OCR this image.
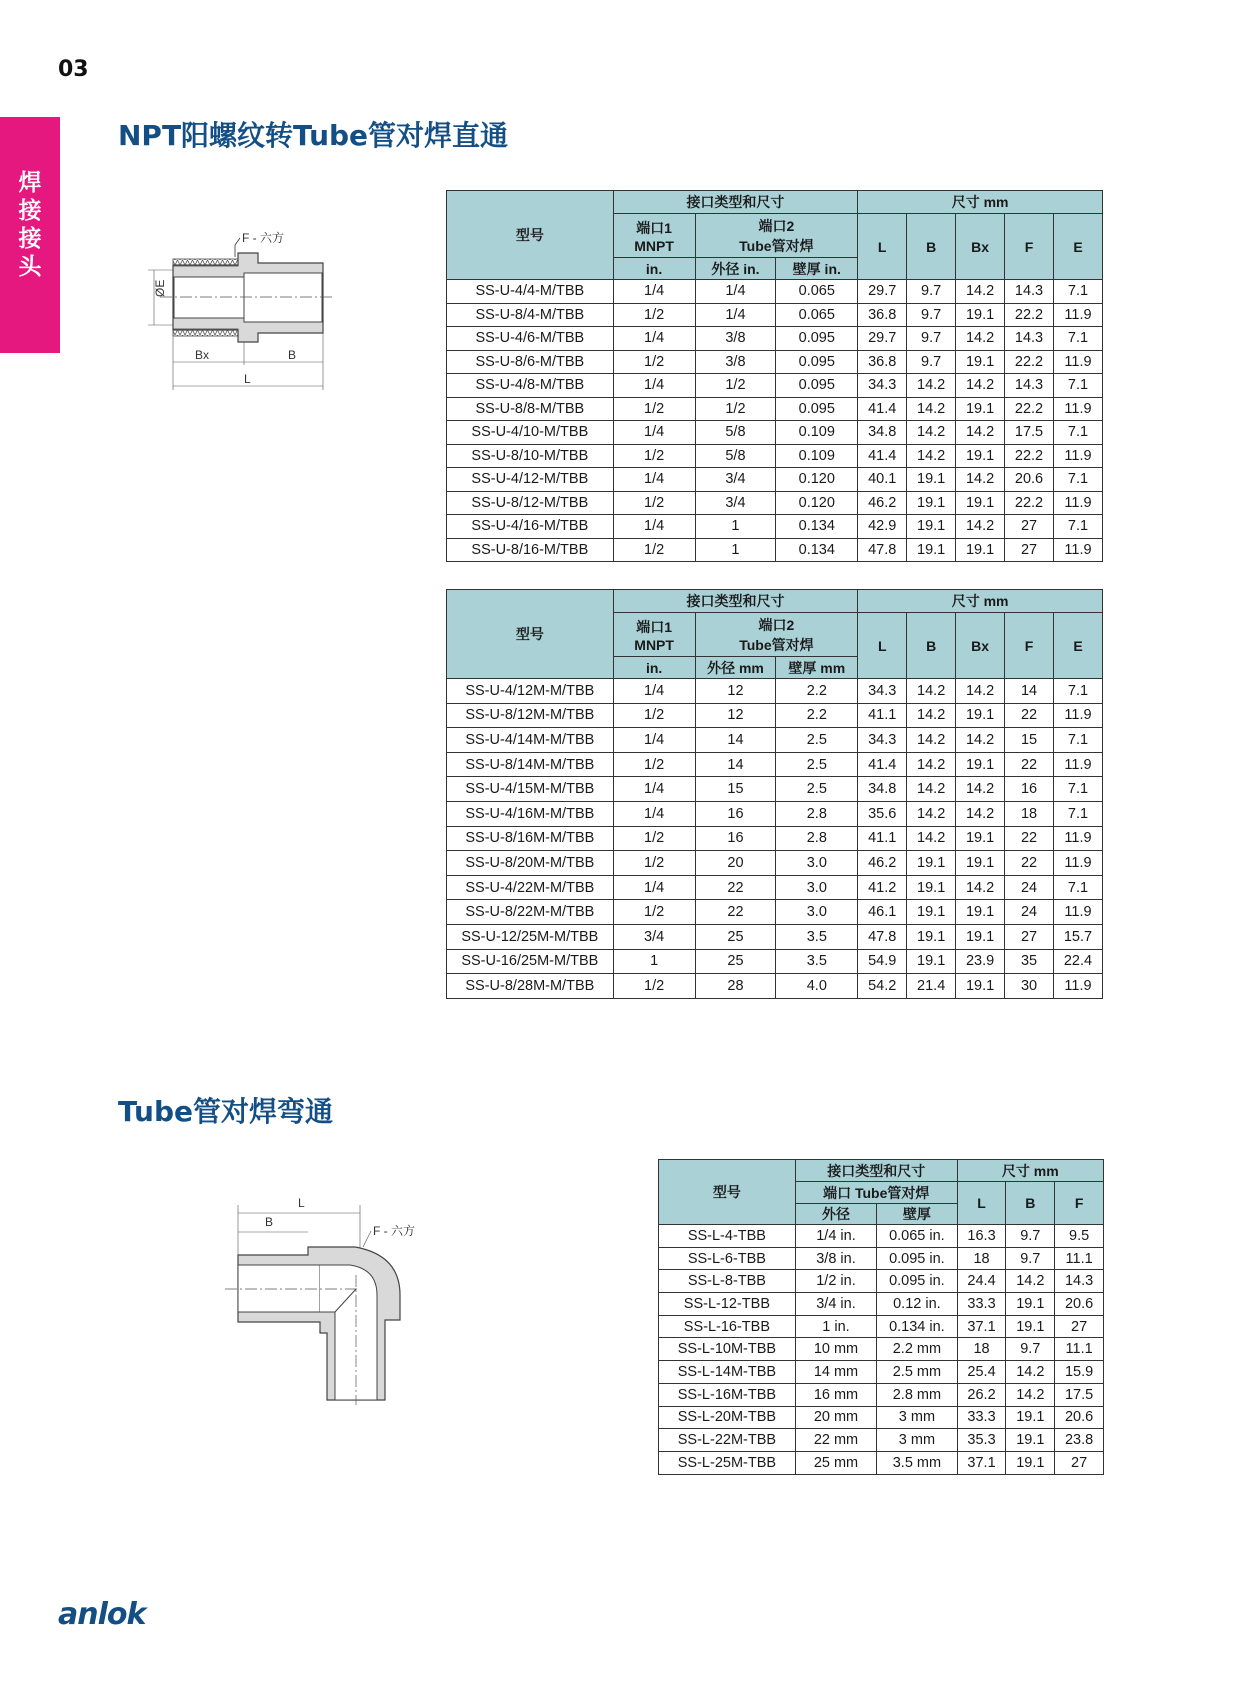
03
焊
接
接
头
NPT阳螺纹转Tube管对焊直通
F - 六方
ØE
Bx	B
L
型号	接口类型和尺寸			尺寸 mm				
	端口1
MNPT	端口2
Tube管对焊		L	B	Bx	F	E
	in.	外径 in.	壁厚 in.					
SS-U-4/4-M/TBB	1/4	1/4	0.065	29.7	9.7	14.2	14.3	7.1
SS-U-8/4-M/TBB	1/2	1/4	0.065	36.8	9.7	19.1	22.2	11.9
SS-U-4/6-M/TBB	1/4	3/8	0.095	29.7	9.7	14.2	14.3	7.1
SS-U-8/6-M/TBB	1/2	3/8	0.095	36.8	9.7	19.1	22.2	11.9
SS-U-4/8-M/TBB	1/4	1/2	0.095	34.3	14.2	14.2	14.3	7.1
SS-U-8/8-M/TBB	1/2	1/2	0.095	41.4	14.2	19.1	22.2	11.9
SS-U-4/10-M/TBB	1/4	5/8	0.109	34.8	14.2	14.2	17.5	7.1
SS-U-8/10-M/TBB	1/2	5/8	0.109	41.4	14.2	19.1	22.2	11.9
SS-U-4/12-M/TBB	1/4	3/4	0.120	40.1	19.1	14.2	20.6	7.1
SS-U-8/12-M/TBB	1/2	3/4	0.120	46.2	19.1	19.1	22.2	11.9
SS-U-4/16-M/TBB	1/4	1	0.134	42.9	19.1	14.2	27	7.1
SS-U-8/16-M/TBB	1/2	1	0.134	47.8	19.1	19.1	27	11.9
型号	接口类型和尺寸			尺寸 mm				
	端口1
MNPT	端口2
Tube管对焊		L	B	Bx	F	E
	in.	外径 mm	壁厚 mm					
SS-U-4/12M-M/TBB	1/4	12	2.2	34.3	14.2	14.2	14	7.1
SS-U-8/12M-M/TBB	1/2	12	2.2	41.1	14.2	19.1	22	11.9
SS-U-4/14M-M/TBB	1/4	14	2.5	34.3	14.2	14.2	15	7.1
SS-U-8/14M-M/TBB	1/2	14	2.5	41.4	14.2	19.1	22	11.9
SS-U-4/15M-M/TBB	1/4	15	2.5	34.8	14.2	14.2	16	7.1
SS-U-4/16M-M/TBB	1/4	16	2.8	35.6	14.2	14.2	18	7.1
SS-U-8/16M-M/TBB	1/2	16	2.8	41.1	14.2	19.1	22	11.9
SS-U-8/20M-M/TBB	1/2	20	3.0	46.2	19.1	19.1	22	11.9
SS-U-4/22M-M/TBB	1/4	22	3.0	41.2	19.1	14.2	24	7.1
SS-U-8/22M-M/TBB	1/2	22	3.0	46.1	19.1	19.1	24	11.9
SS-U-12/25M-M/TBB	3/4	25	3.5	47.8	19.1	19.1	27	15.7
SS-U-16/25M-M/TBB	1	25	3.5	54.9	19.1	23.9	35	22.4
SS-U-8/28M-M/TBB	1/2	28	4.0	54.2	21.4	19.1	30	11.9
Tube管对焊弯通
L
B
F - 六方
型号	接口类型和尺寸		尺寸 mm		
	端口 Tube管对焊		L	B	F
	外径	壁厚			
SS-L-4-TBB	1/4 in.	0.065 in.	16.3	9.7	9.5
SS-L-6-TBB	3/8 in.	0.095 in.	18	9.7	11.1
SS-L-8-TBB	1/2 in.	0.095 in.	24.4	14.2	14.3
SS-L-12-TBB	3/4 in.	0.12 in.	33.3	19.1	20.6
SS-L-16-TBB	1 in.	0.134 in.	37.1	19.1	27
SS-L-10M-TBB	10 mm	2.2 mm	18	9.7	11.1
SS-L-14M-TBB	14 mm	2.5 mm	25.4	14.2	15.9
SS-L-16M-TBB	16 mm	2.8 mm	26.2	14.2	17.5
SS-L-20M-TBB	20 mm	3 mm	33.3	19.1	20.6
SS-L-22M-TBB	22 mm	3 mm	35.3	19.1	23.8
SS-L-25M-TBB	25 mm	3.5 mm	37.1	19.1	27
anlok
